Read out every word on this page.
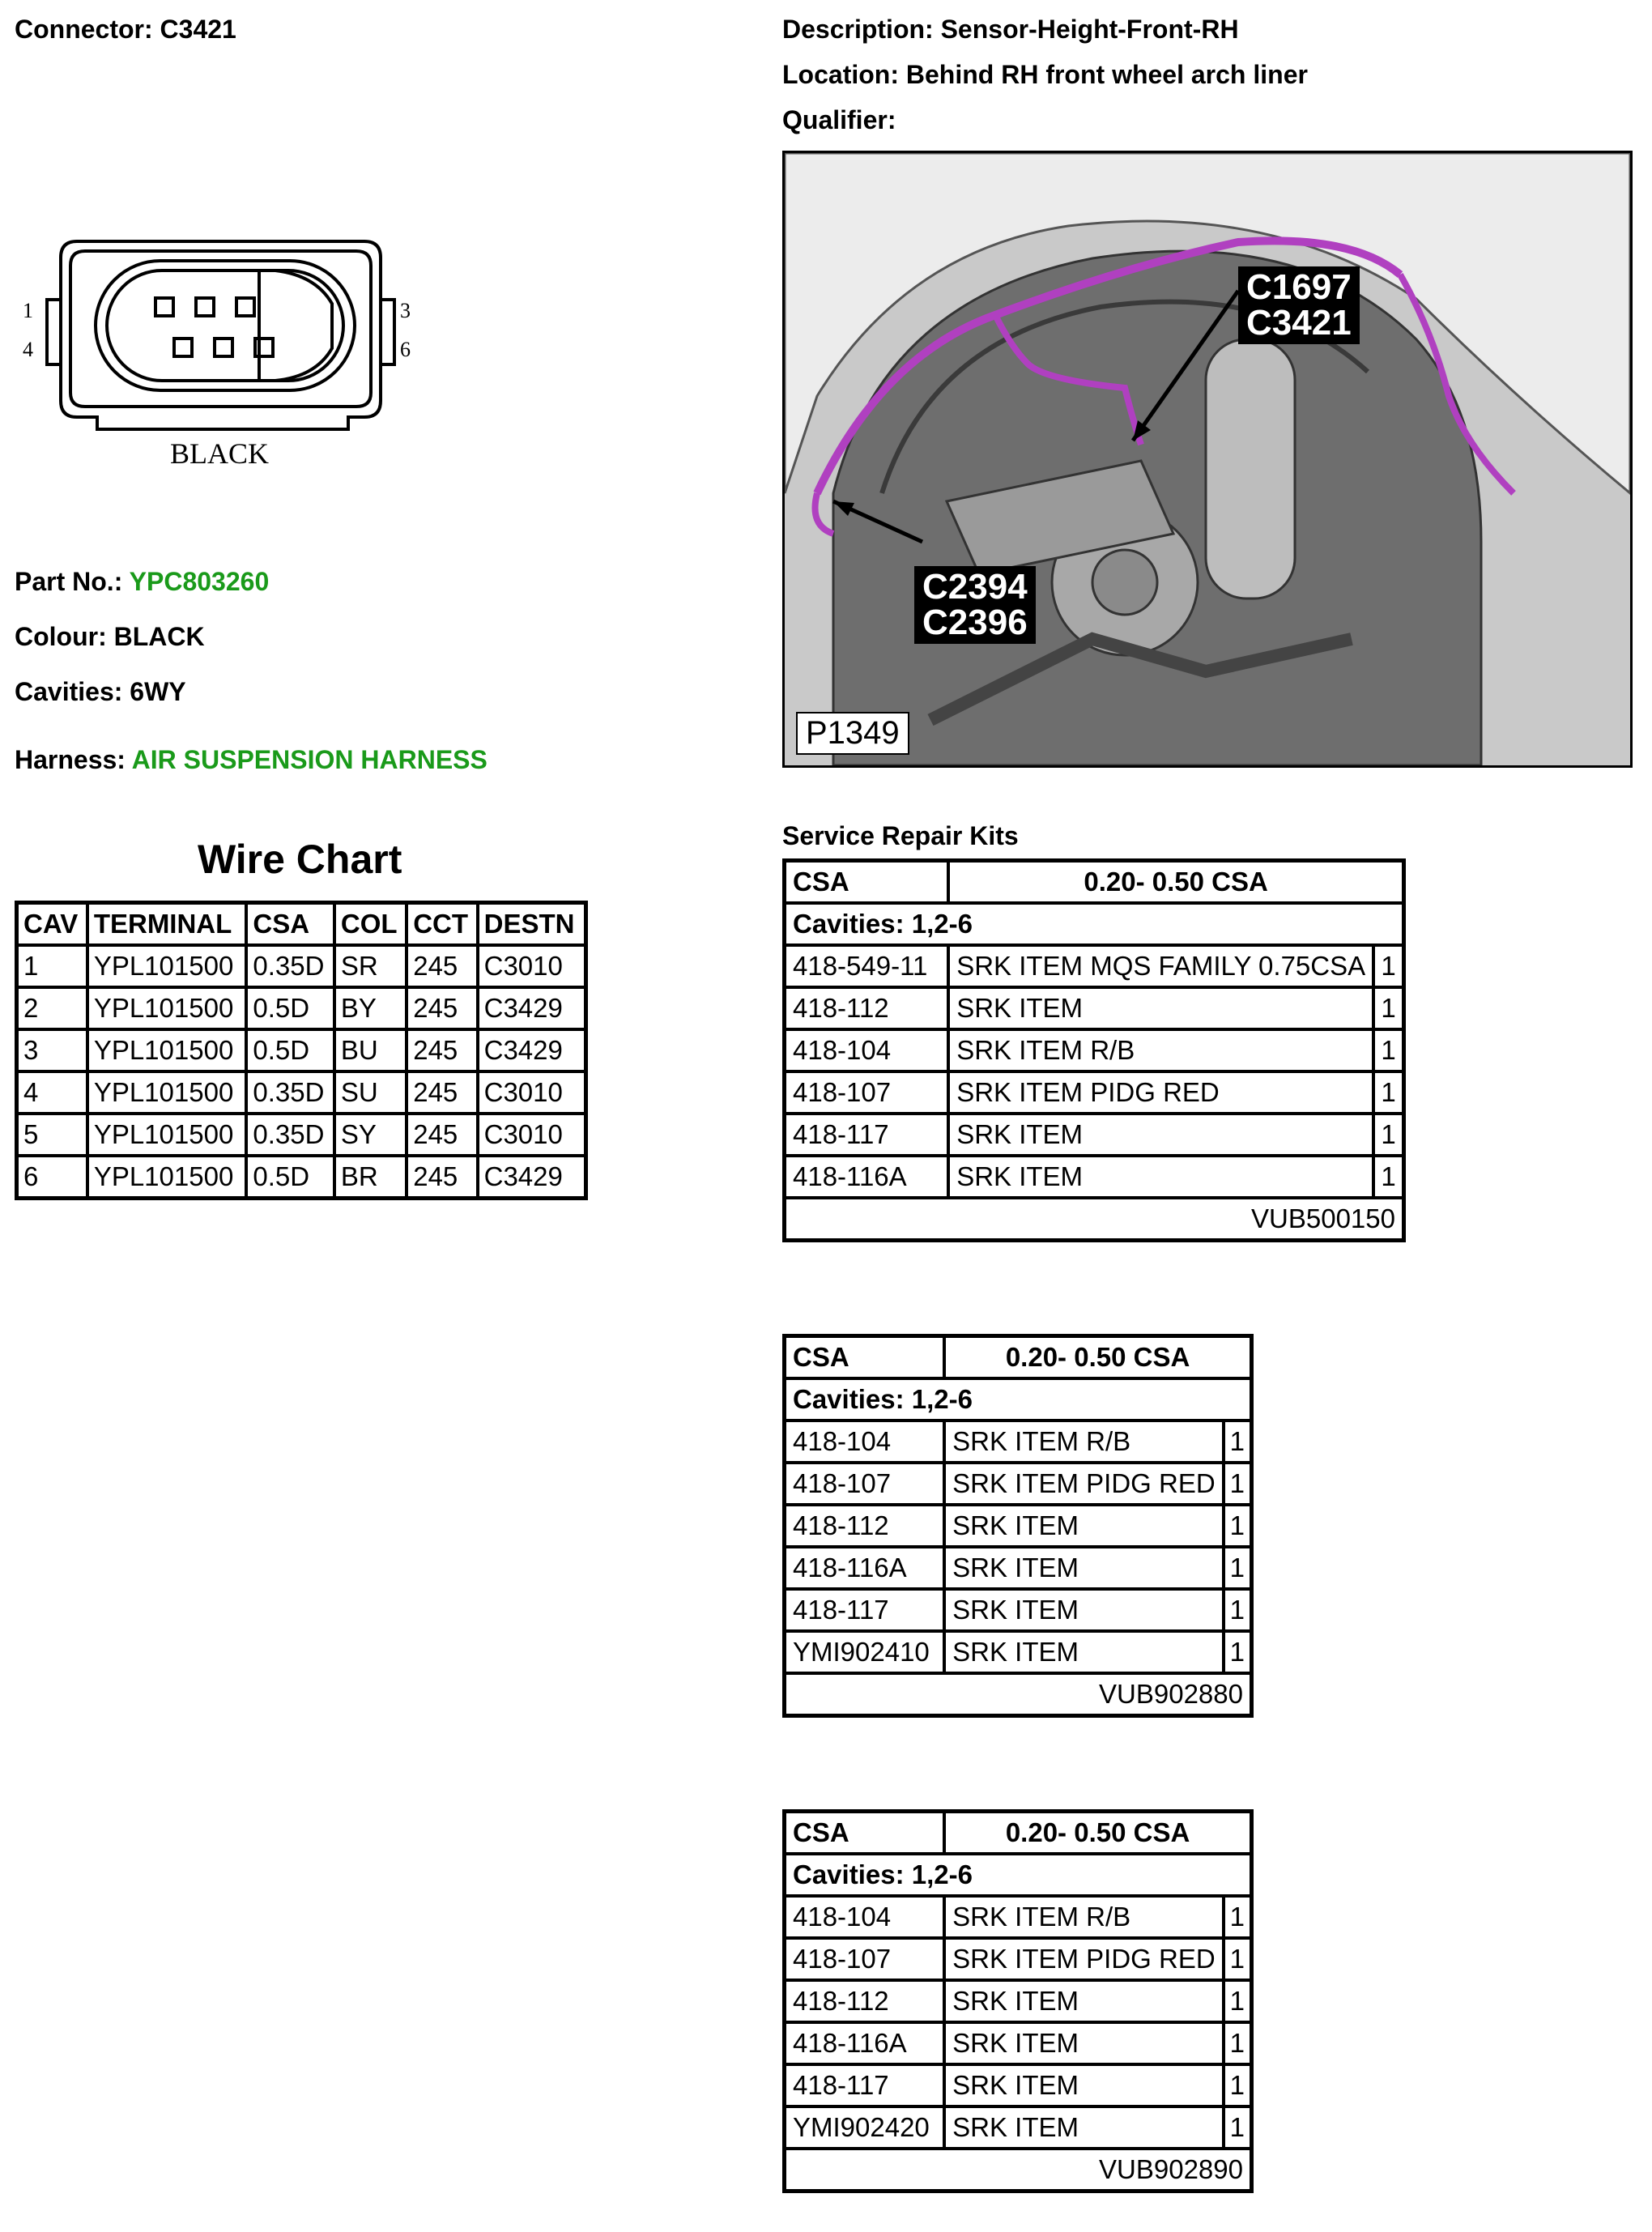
Connector: C3421	Description: Sensor-Height-Front-RH
Location: Behind RH front wheel arch liner
Qualifier:
1
4
3
6
BLACK
Part No.: YPC803260
Colour: BLACK
Cavities: 6WY
Harness: AIR SUSPENSION HARNESS
C1697
C3421
C2394
C2396
P1349
Wire Chart
CAV	TERMINAL	CSA	COL	CCT	DESTN
1	YPL101500	0.35D	SR	245	C3010
2	YPL101500	0.5D	BY	245	C3429
3	YPL101500	0.5D	BU	245	C3429
4	YPL101500	0.35D	SU	245	C3010
5	YPL101500	0.35D	SY	245	C3010
6	YPL101500	0.5D	BR	245	C3429
Service Repair Kits
CSA	0.20- 0.50 CSA	
Cavities: 1,2-6		
418-549-11	SRK ITEM MQS FAMILY 0.75CSA	1
418-112	SRK ITEM	1
418-104	SRK ITEM R/B	1
418-107	SRK ITEM PIDG RED	1
418-117	SRK ITEM	1
418-116A	SRK ITEM	1
VUB500150		
CSA	0.20- 0.50 CSA	
Cavities: 1,2-6		
418-104	SRK ITEM R/B	1
418-107	SRK ITEM PIDG RED	1
418-112	SRK ITEM	1
418-116A	SRK ITEM	1
418-117	SRK ITEM	1
YMI902410	SRK ITEM	1
VUB902880		
CSA	0.20- 0.50 CSA	
Cavities: 1,2-6		
418-104	SRK ITEM R/B	1
418-107	SRK ITEM PIDG RED	1
418-112	SRK ITEM	1
418-116A	SRK ITEM	1
418-117	SRK ITEM	1
YMI902420	SRK ITEM	1
VUB902890		
